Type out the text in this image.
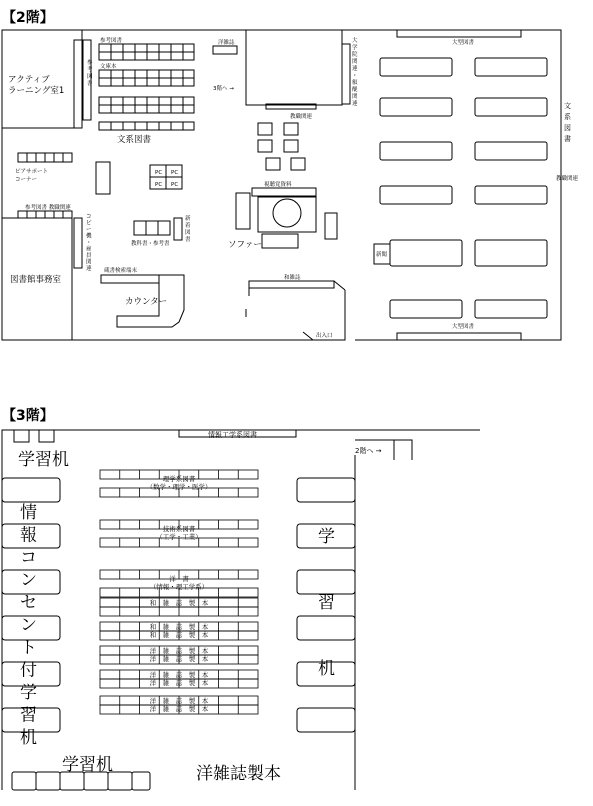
【2階】
アクティブ
ラーニング室1
参考図書
文庫本
文系図書
洋雑誌
3階へ →
大型図書
大型図書
教職関連
ピアサポート
コーナー
参考図書 教職関連
PC PC
PC PC	視聴覚資料
教科書・参考書	ソファー
新聞
図書館事務室
蔵書検索端末
カウンター
和雑誌
出入口
教職関連
参
考
図
書
大
学
院
関
連
・
叡
醍
関
連	文
系
図
書
新
着
図
書
コ
ピ
ー
機
・
雇
員
関
連
情
報
コ
ン
セ
ン
ト
付
学
習
机
学
習
机
【3階】
情報工学系図書
2階へ →
学習机
学習机	洋雑誌製本
理学系図書
（数学・理学・医学）
技術系図書
（工学・工業）
洋　書
（情報・理工学系）
和　雑　誌　製　本
和　雑　誌　製　本
和　雑　誌　製　本
洋　雑　誌　製　本
洋　雑　誌　製　本
洋　雑　誌　製　本
洋　雑　誌　製　本
洋　雑　誌　製　本
洋　雑　誌　製　本
